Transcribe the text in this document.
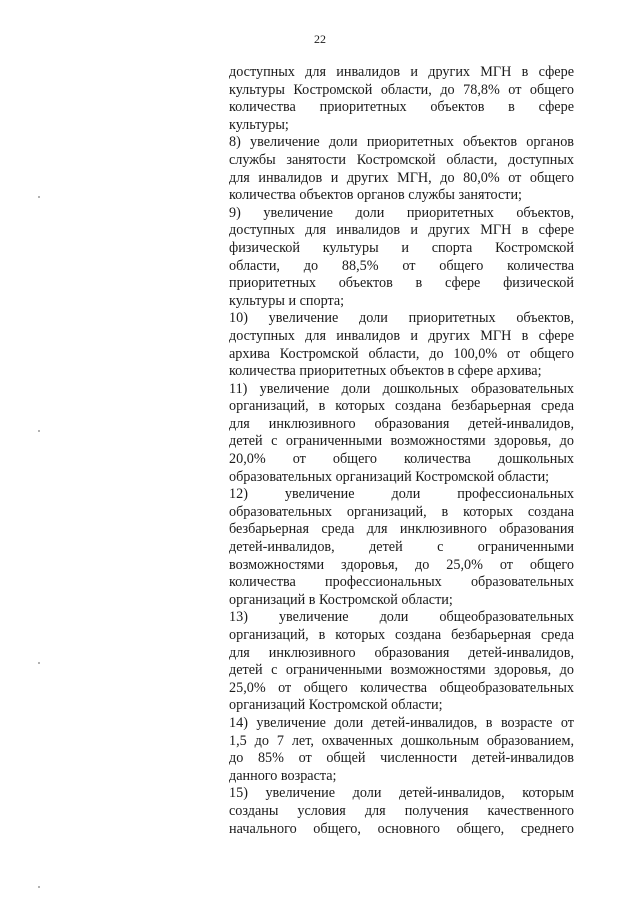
22
доступных для инвалидов и других МГН в сфере
культуры Костромской области, до 78,8% от общего
количества приоритетных объектов в сфере
культуры;
8) увеличение доли приоритетных объектов органов
службы занятости Костромской области, доступных
для инвалидов и других МГН, до 80,0% от общего
количества объектов органов службы занятости;
9) увеличение доли приоритетных объектов,
доступных для инвалидов и других МГН в сфере
физической культуры и спорта Костромской
области, до 88,5% от общего количества
приоритетных объектов в сфере физической
культуры и спорта;
10) увеличение доли приоритетных объектов,
доступных для инвалидов и других МГН в сфере
архива Костромской области, до 100,0% от общего
количества приоритетных объектов в сфере архива;
11) увеличение доли дошкольных образовательных
организаций, в которых создана безбарьерная среда
для инклюзивного образования детей-инвалидов,
детей с ограниченными возможностями здоровья, до
20,0% от общего количества дошкольных
образовательных организаций Костромской области;
12) увеличение доли профессиональных
образовательных организаций, в которых создана
безбарьерная среда для инклюзивного образования
детей-инвалидов, детей с ограниченными
возможностями здоровья, до 25,0% от общего
количества профессиональных образовательных
организаций в Костромской области;
13) увеличение доли общеобразовательных
организаций, в которых создана безбарьерная среда
для инклюзивного образования детей-инвалидов,
детей с ограниченными возможностями здоровья, до
25,0% от общего количества общеобразовательных
организаций Костромской области;
14) увеличение доли детей-инвалидов, в возрасте от
1,5 до 7 лет, охваченных дошкольным образованием,
до 85% от общей численности детей-инвалидов
данного возраста;
15) увеличение доли детей-инвалидов, которым
созданы условия для получения качественного
начального общего, основного общего, среднего
